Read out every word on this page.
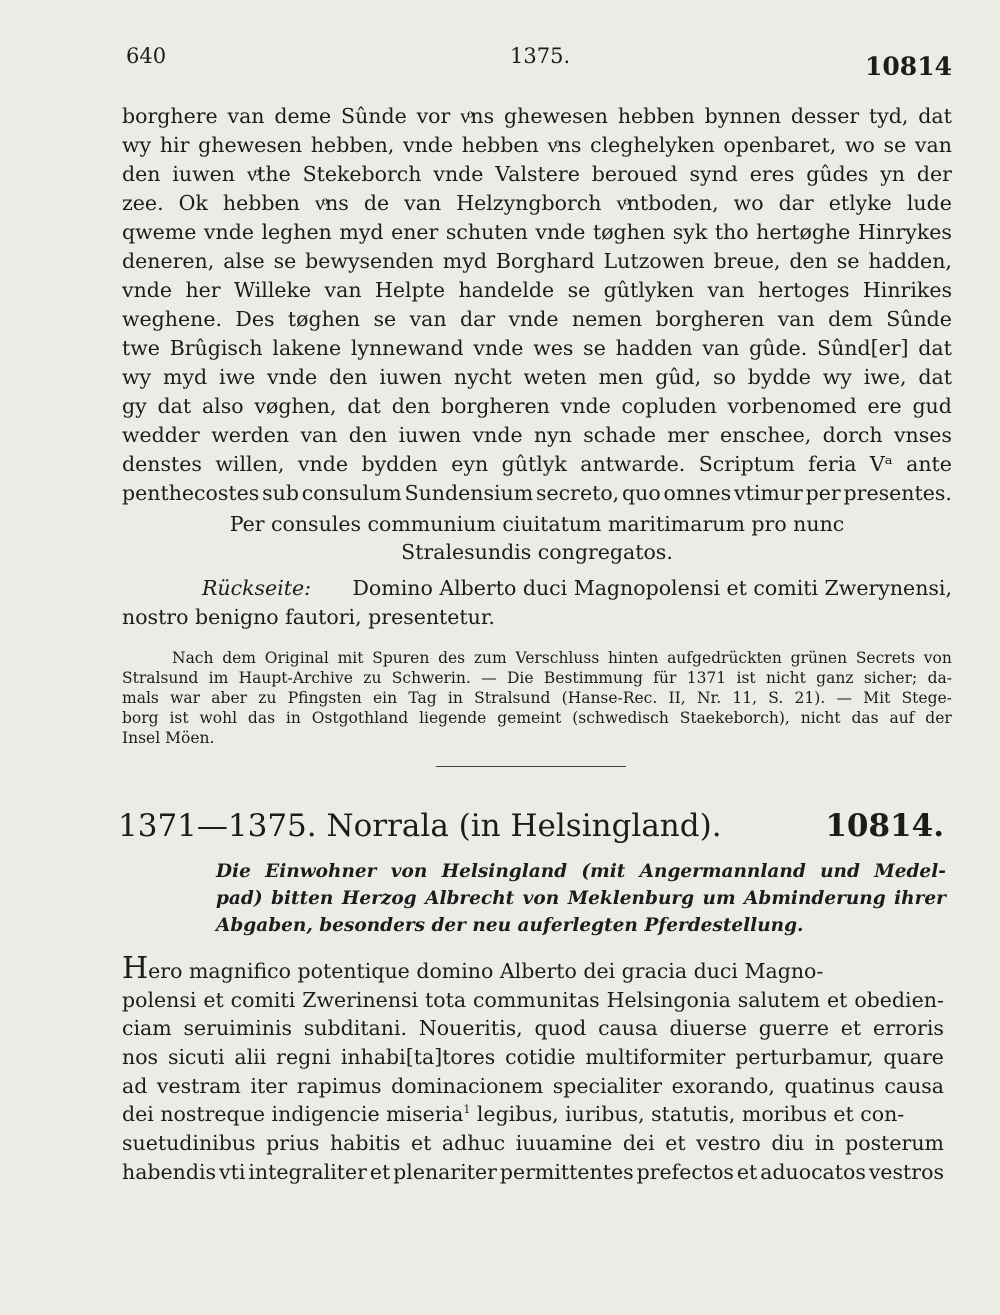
640	1375.	10814
borghere van deme Sûnde vor vͦns ghewesen hebben bynnen desser tyd, dat
wy hir ghewesen hebben, vnde hebben vͦns cleghelyken openbaret, wo se van
den iuwen vͦthe Stekeborch vnde Valstere beroued synd eres gûdes yn der
zee. Ok hebben vͦns de van Helzyngborch vͦntboden, wo dar etlyke lude
qweme vnde leghen myd ener schuten vnde tøghen syk tho hertøghe Hinrykes
deneren, alse se bewysenden myd Borghard Lutzowen breue, den se hadden,
vnde her Willeke van Helpte handelde se gûtlyken van hertoges Hinrikes
weghene. Des tøghen se van dar vnde nemen borgheren van dem Sûnde
twe Brûgisch lakene lynnewand vnde wes se hadden van gûde. Sûnd[er] dat
wy myd iwe vnde den iuwen nycht weten men gûd, so bydde wy iwe, dat
gy dat also vøghen, dat den borgheren vnde copluden vorbenomed ere gud
wedder werden van den iuwen vnde nyn schade mer enschee, dorch vnses
denstes willen, vnde bydden eyn gûtlyk antwarde. Scriptum feria Vᵃ ante
penthecostes sub consulum Sundensium secreto, quo omnes vtimur per presentes.
Per consules communium ciuitatum maritimarum pro nunc
Stralesundis congregatos.
Rückseite: Domino Alberto duci Magnopolensi et comiti Zwerynensi,
nostro benigno fautori, presentetur.
Nach dem Original mit Spuren des zum Verschluss hinten aufgedrückten grünen Secrets von
Stralsund im Haupt-Archive zu Schwerin. — Die Bestimmung für 1371 ist nicht ganz sicher; da-
mals war aber zu Pfingsten ein Tag in Stralsund (Hanse-Rec. II, Nr. 11, S. 21). — Mit Stege-
borg ist wohl das in Ostgothland liegende gemeint (schwedisch Staekeborch), nicht das auf der
Insel Möen.
1371—1375. Norrala (in Helsingland).	10814.
Die Einwohner von Helsingland (mit Angermannland und Medel-
pad) bitten Herzog Albrecht von Meklenburg um Abminderung ihrer
Abgaben, besonders der neu auferlegten Pferdestellung.
Hero magnifico potentique domino Alberto dei gracia duci Magno-
polensi et comiti Zwerinensi tota communitas Helsingonia salutem et obedien-
ciam seruiminis subditani. Noueritis, quod causa diuerse guerre et erroris
nos sicuti alii regni inhabi[ta]tores cotidie multiformiter perturbamur, quare
ad vestram iter rapimus dominacionem specialiter exorando, quatinus causa
dei nostreque indigencie miseria$^1$ legibus, iuribus, statutis, moribus et con-
suetudinibus prius habitis et adhuc iuuamine dei et vestro diu in posterum
habendis vti integraliter et plenariter permittentes prefectos et aduocatos vestros
